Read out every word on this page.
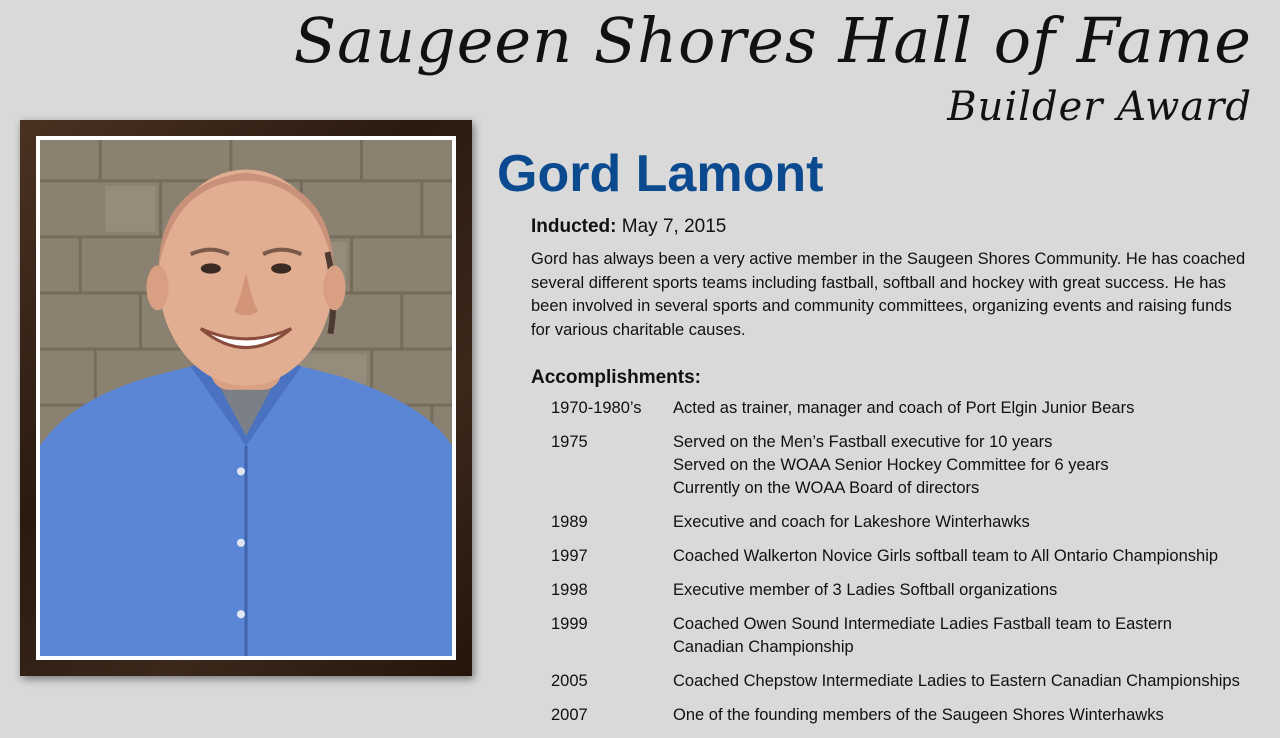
Saugeen Shores Hall of Fame
Builder Award
Gord Lamont
Inducted: May 7, 2015

Gord has always been a very active member in the Saugeen Shores Community. He has coached several different sports teams including fastball, softball and hockey with great success. He has been involved in several sports and community committees, organizing events and raising funds for various charitable causes.

Accomplishments:
1970-1980’s	Acted as trainer, manager and coach of Port Elgin Junior Bears
1975	Served on the Men’s Fastball executive for 10 years
Served on the WOAA Senior Hockey Committee for 6 years
Currently on the WOAA Board of directors
1989	Executive and coach for Lakeshore Winterhawks
1997	Coached Walkerton Novice Girls softball team to All Ontario Championship
1998	Executive member of 3 Ladies Softball organizations
1999	Coached Owen Sound Intermediate Ladies Fastball team to Eastern
Canadian Championship
2005	Coached Chepstow Intermediate Ladies to Eastern Canadian Championships
2007	One of the founding members of the Saugeen Shores Winterhawks
